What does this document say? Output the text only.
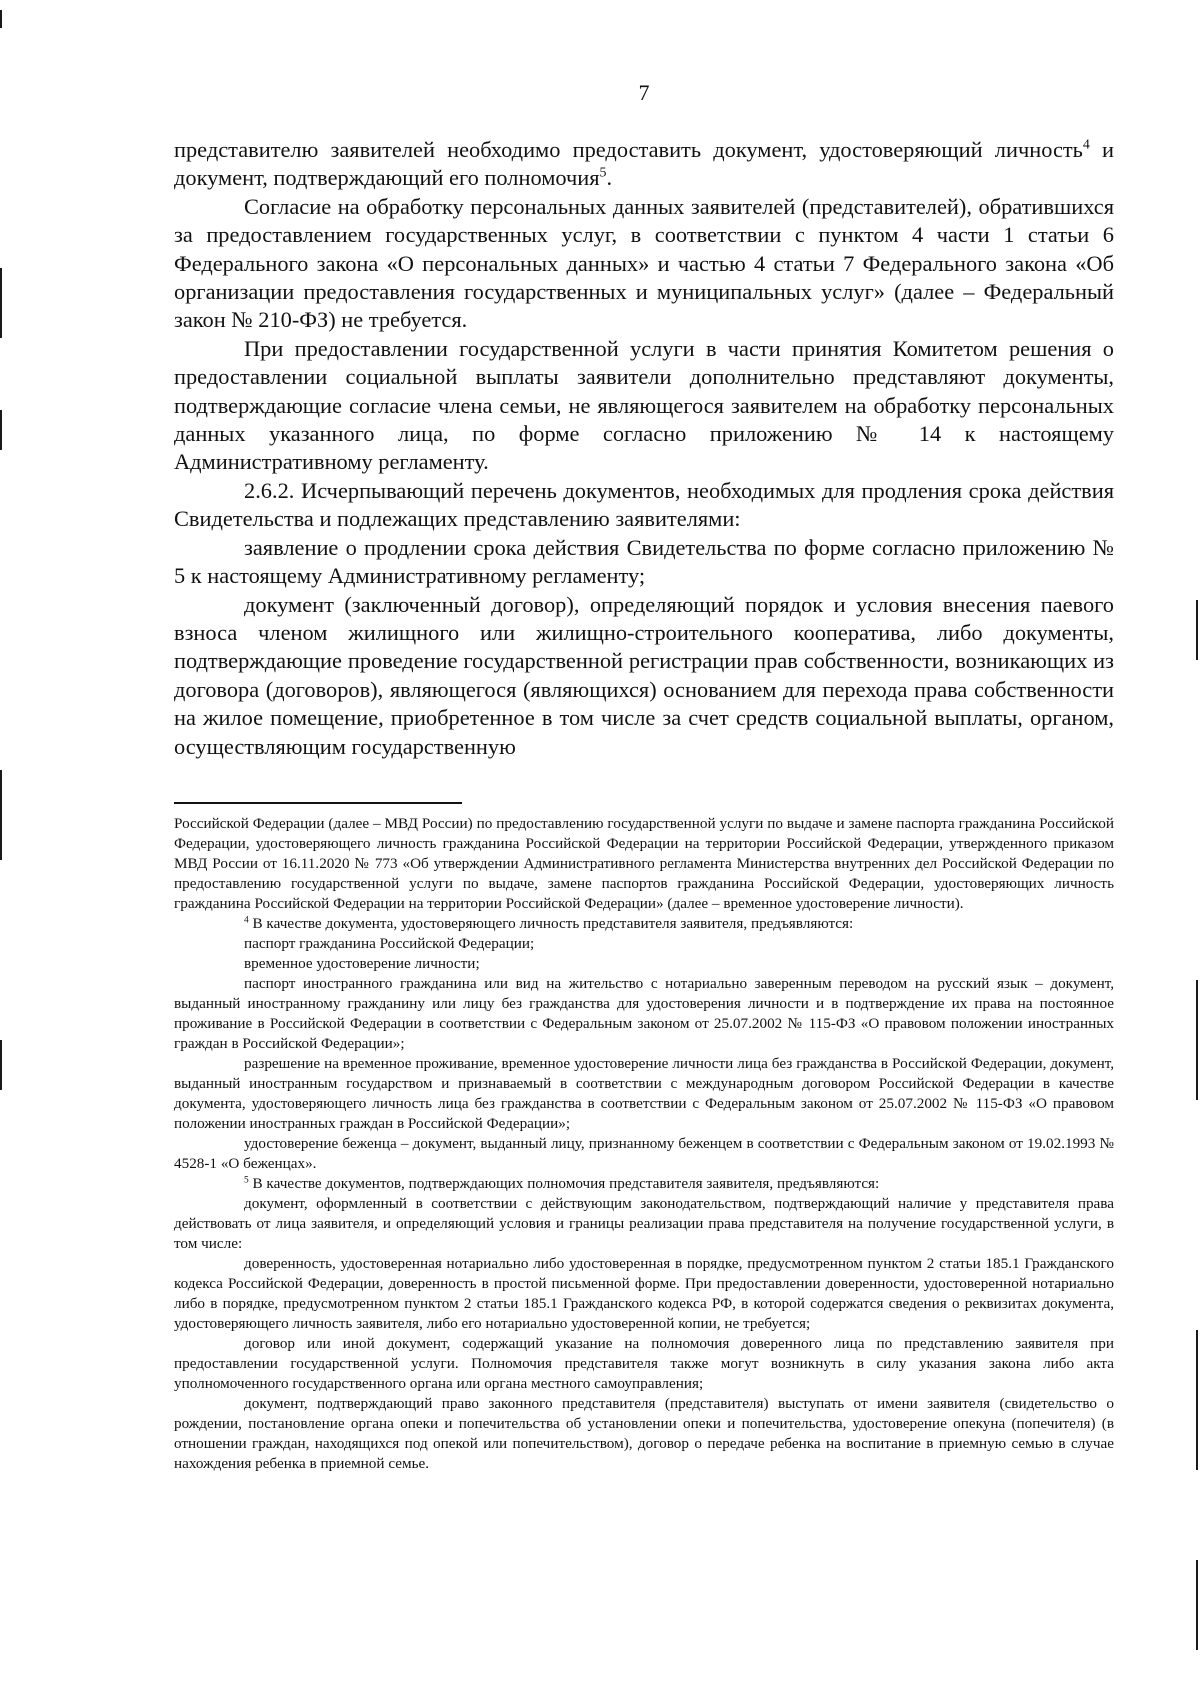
7

представителю заявителей необходимо предоставить документ, удостоверяющий личность$^4$ и документ, подтверждающий его полномочия$^5$.

Согласие на обработку персональных данных заявителей (представителей), обратившихся за предоставлением государственных услуг, в соответствии с пунктом 4 части 1 статьи 6 Федерального закона «О персональных данных» и частью 4 статьи 7 Федерального закона «Об организации предоставления государственных и муниципальных услуг» (далее – Федеральный закон № 210-ФЗ) не требуется.

При предоставлении государственной услуги в части принятия Комитетом решения о предоставлении социальной выплаты заявители дополнительно представляют документы, подтверждающие согласие члена семьи, не являющегося заявителем на обработку персональных данных указанного лица, по форме согласно приложению № 14 к настоящему Административному регламенту.

2.6.2. Исчерпывающий перечень документов, необходимых для продления срока действия Свидетельства и подлежащих представлению заявителями:

заявление о продлении срока действия Свидетельства по форме согласно приложению № 5 к настоящему Административному регламенту;

документ (заключенный договор), определяющий порядок и условия внесения паевого взноса членом жилищного или жилищно-строительного кооператива, либо документы, подтверждающие проведение государственной регистрации прав собственности, возникающих из договора (договоров), являющегося (являющихся) основанием для перехода права собственности на жилое помещение, приобретенное в том числе за счет средств социальной выплаты, органом, осуществляющим государственную

Российской Федерации (далее – МВД России) по предоставлению государственной услуги по выдаче и замене паспорта гражданина Российской Федерации, удостоверяющего личность гражданина Российской Федерации на территории Российской Федерации, утвержденного приказом МВД России от 16.11.2020 № 773 «Об утверждении Административного регламента Министерства внутренних дел Российской Федерации по предоставлению государственной услуги по выдаче, замене паспортов гражданина Российской Федерации, удостоверяющих личность гражданина Российской Федерации на территории Российской Федерации» (далее – временное удостоверение личности).

$^4$ В качестве документа, удостоверяющего личность представителя заявителя, предъявляются:

паспорт гражданина Российской Федерации;

временное удостоверение личности;

паспорт иностранного гражданина или вид на жительство с нотариально заверенным переводом на русский язык – документ, выданный иностранному гражданину или лицу без гражданства для удостоверения личности и в подтверждение их права на постоянное проживание в Российской Федерации в соответствии с Федеральным законом от 25.07.2002 № 115-ФЗ «О правовом положении иностранных граждан в Российской Федерации»;

разрешение на временное проживание, временное удостоверение личности лица без гражданства в Российской Федерации, документ, выданный иностранным государством и признаваемый в соответствии с международным договором Российской Федерации в качестве документа, удостоверяющего личность лица без гражданства в соответствии с Федеральным законом от 25.07.2002 № 115-ФЗ «О правовом положении иностранных граждан в Российской Федерации»;

удостоверение беженца – документ, выданный лицу, признанному беженцем в соответствии с Федеральным законом от 19.02.1993 № 4528-1 «О беженцах».

$^5$ В качестве документов, подтверждающих полномочия представителя заявителя, предъявляются:

документ, оформленный в соответствии с действующим законодательством, подтверждающий наличие у представителя права действовать от лица заявителя, и определяющий условия и границы реализации права представителя на получение государственной услуги, в том числе:

доверенность, удостоверенная нотариально либо удостоверенная в порядке, предусмотренном пунктом 2 статьи 185.1 Гражданского кодекса Российской Федерации, доверенность в простой письменной форме. При предоставлении доверенности, удостоверенной нотариально либо в порядке, предусмотренном пунктом 2 статьи 185.1 Гражданского кодекса РФ, в которой содержатся сведения о реквизитах документа, удостоверяющего личность заявителя, либо его нотариально удостоверенной копии, не требуется;

договор или иной документ, содержащий указание на полномочия доверенного лица по представлению заявителя при предоставлении государственной услуги. Полномочия представителя также могут возникнуть в силу указания закона либо акта уполномоченного государственного органа или органа местного самоуправления;

документ, подтверждающий право законного представителя (представителя) выступать от имени заявителя (свидетельство о рождении, постановление органа опеки и попечительства об установлении опеки и попечительства, удостоверение опекуна (попечителя) (в отношении граждан, находящихся под опекой или попечительством), договор о передаче ребенка на воспитание в приемную семью в случае нахождения ребенка в приемной семье.
